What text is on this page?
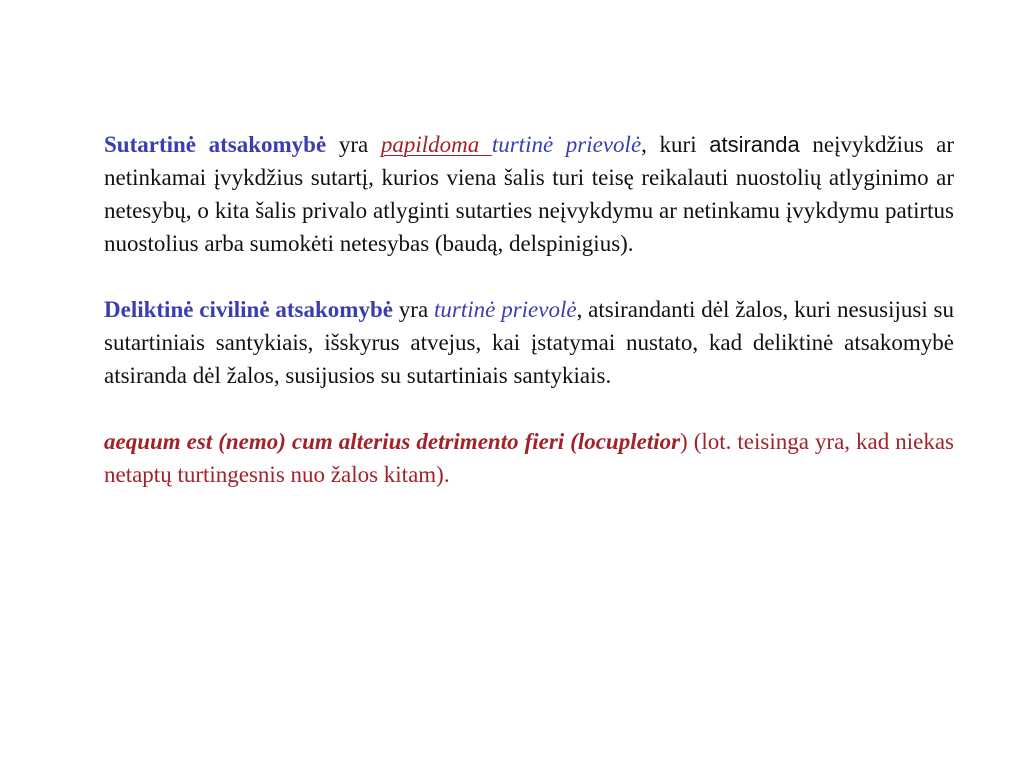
Sutartinė atsakomybė yra papildoma turtinė prievolė, kuri atsiranda neįvykdžius ar netinkamai įvykdžius sutartį, kurios viena šalis turi teisę reikalauti nuostolių atlyginimo ar netesybų, o kita šalis privalo atlyginti sutarties neįvykdymu ar netinkamu įvykdymu patirtus nuostolius arba sumokėti netesybas (baudą, delspinigius).

Deliktinė civilinė atsakomybė yra turtinė prievolė, atsirandanti dėl žalos, kuri nesusijusi su sutartiniais santykiais, išskyrus atvejus, kai įstatymai nustato, kad deliktinė atsakomybė atsiranda dėl žalos, susijusios su sutartiniais santykiais.

aequum est (nemo) cum alterius detrimento fieri (locupletior) (lot. teisinga yra, kad niekas netaptų turtingesnis nuo žalos kitam).
